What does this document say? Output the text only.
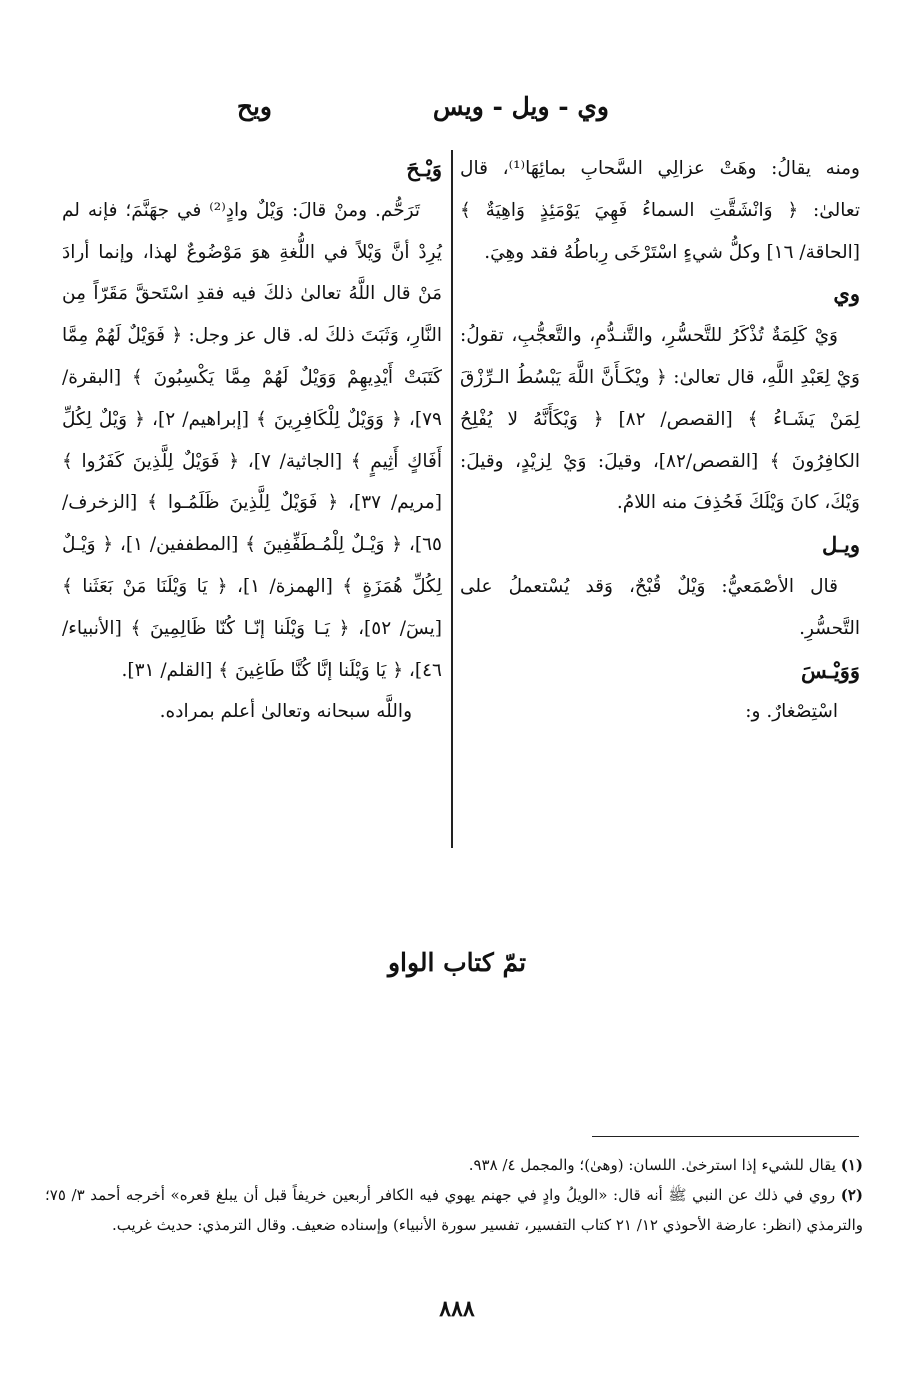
وي - ويل - ويس
ويح

ومنه يقالُ: وهَتْ عزالِي السَّحابِ بمائِهَا⁽¹⁾، قال تعالىٰ: ﴿ وَانْشَقَّتِ السماءُ فَهِيَ يَوْمَئِذٍ وَاهِيَةٌ ﴾ [الحاقة/ ١٦] وكلُّ شيءٍ اسْتَرْخَى رِباطُهُ فقد وهِيَ.

وي

وَيْ كَلِمَةٌ تُذْكَرُ للتَّحسُّرِ، والتَّنـدُّمِ، والتَّعجُّبِ، تقولُ: وَيْ لِعَبْدِ اللَّهِ، قال تعالىٰ: ﴿ ويْكَـأَنَّ اللَّهَ يَبْسُطُ الـرِّزْقَ لِمَنْ يَشَـاءُ ﴾ [القصص/ ٨٢] ﴿ وَيْكَأَنَّهُ لا يُفْلِحُ الكافِرُونَ ﴾ [القصص/٨٢]، وقيلَ: وَيْ لِزيْدٍ، وقيلَ: وَيْكَ، كانَ وَيْلَكَ فَحُذِفَ منه اللامُ.

ويـل

قال الأصْمَعيُّ: وَيْلٌ قُبْحٌ، وَقد يُسْتعملُ على التَّحسُّرِ.

وَوَيْـسَ

اسْتِصْغارٌ. و:

وَيْـحَ

تَرَحُّم. ومنْ قالَ: وَيْلٌ وادٍ⁽²⁾ في جهَنَّمَ؛ فإنه لم يُرِدْ أنَّ وَيْلاً في اللُّغةِ هوَ مَوْضُوعٌ لهذا، وإنما أرادَ مَنْ قال اللَّهُ تعالىٰ ذلكَ فيه فقدِ اسْتَحقَّ مَقَرّاً مِن النَّارِ، وَثَبَتَ ذلكَ له. قال عز وجل: ﴿ فَوَيْلٌ لَهُمْ مِمَّا كَتَبَتْ أَيْدِيهِمْ وَوَيْلٌ لَهُمْ مِمَّا يَكْسِبُونَ ﴾ [البقرة/ ٧٩]، ﴿ وَوَيْلٌ لِلْكَافِرِينَ ﴾ [إبراهيم/ ٢]، ﴿ وَيْلٌ لِكُلِّ أَفَاكٍ أَثِيمٍ ﴾ [الجاثية/ ٧]، ﴿ فَوَيْلٌ لِلَّذِينَ كَفَرُوا ﴾ [مريم/ ٣٧]، ﴿ فَوَيْلٌ لِلَّذِينَ ظَلَمُـوا ﴾ [الزخرف/ ٦٥]، ﴿ وَيْـلٌ لِلْمُـطَفِّفِينَ ﴾ [المطففين/ ١]، ﴿ وَيْـلٌ لِكُلِّ هُمَزَةٍ ﴾ [الهمزة/ ١]، ﴿ يَا وَيْلَنَا مَنْ بَعَثَنا ﴾ [يسٓ/ ٥٢]، ﴿ يَـا وَيْلَنا إنّـا كُنّا ظَالِمِينَ ﴾ [الأنبياء/ ٤٦]، ﴿ يَا وَيْلَنا إنَّا كُنَّا طَاغِينَ ﴾ [القلم/ ٣١].

واللَّه سبحانه وتعالىٰ أعلم بمراده.

تمّ كتاب الواو

(١) يقال للشيء إذا استرخىٰ. اللسان: (وهىٰ)؛ والمجمل ٤/ ٩٣٨.

(٢) روي في ذلك عن النبي ﷺ أنه قال: «الويلُ وادٍ في جهنم يهوي فيه الكافر أربعين خريفاً قبل أن يبلغ قعره» أخرجه أحمد ٣/ ٧٥؛ والترمذي (انظر: عارضة الأحوذي ١٢/ ٢١ كتاب التفسير، تفسير سورة الأنبياء) وإسناده ضعيف. وقال الترمذي: حديث غريب.

٨٨٨
